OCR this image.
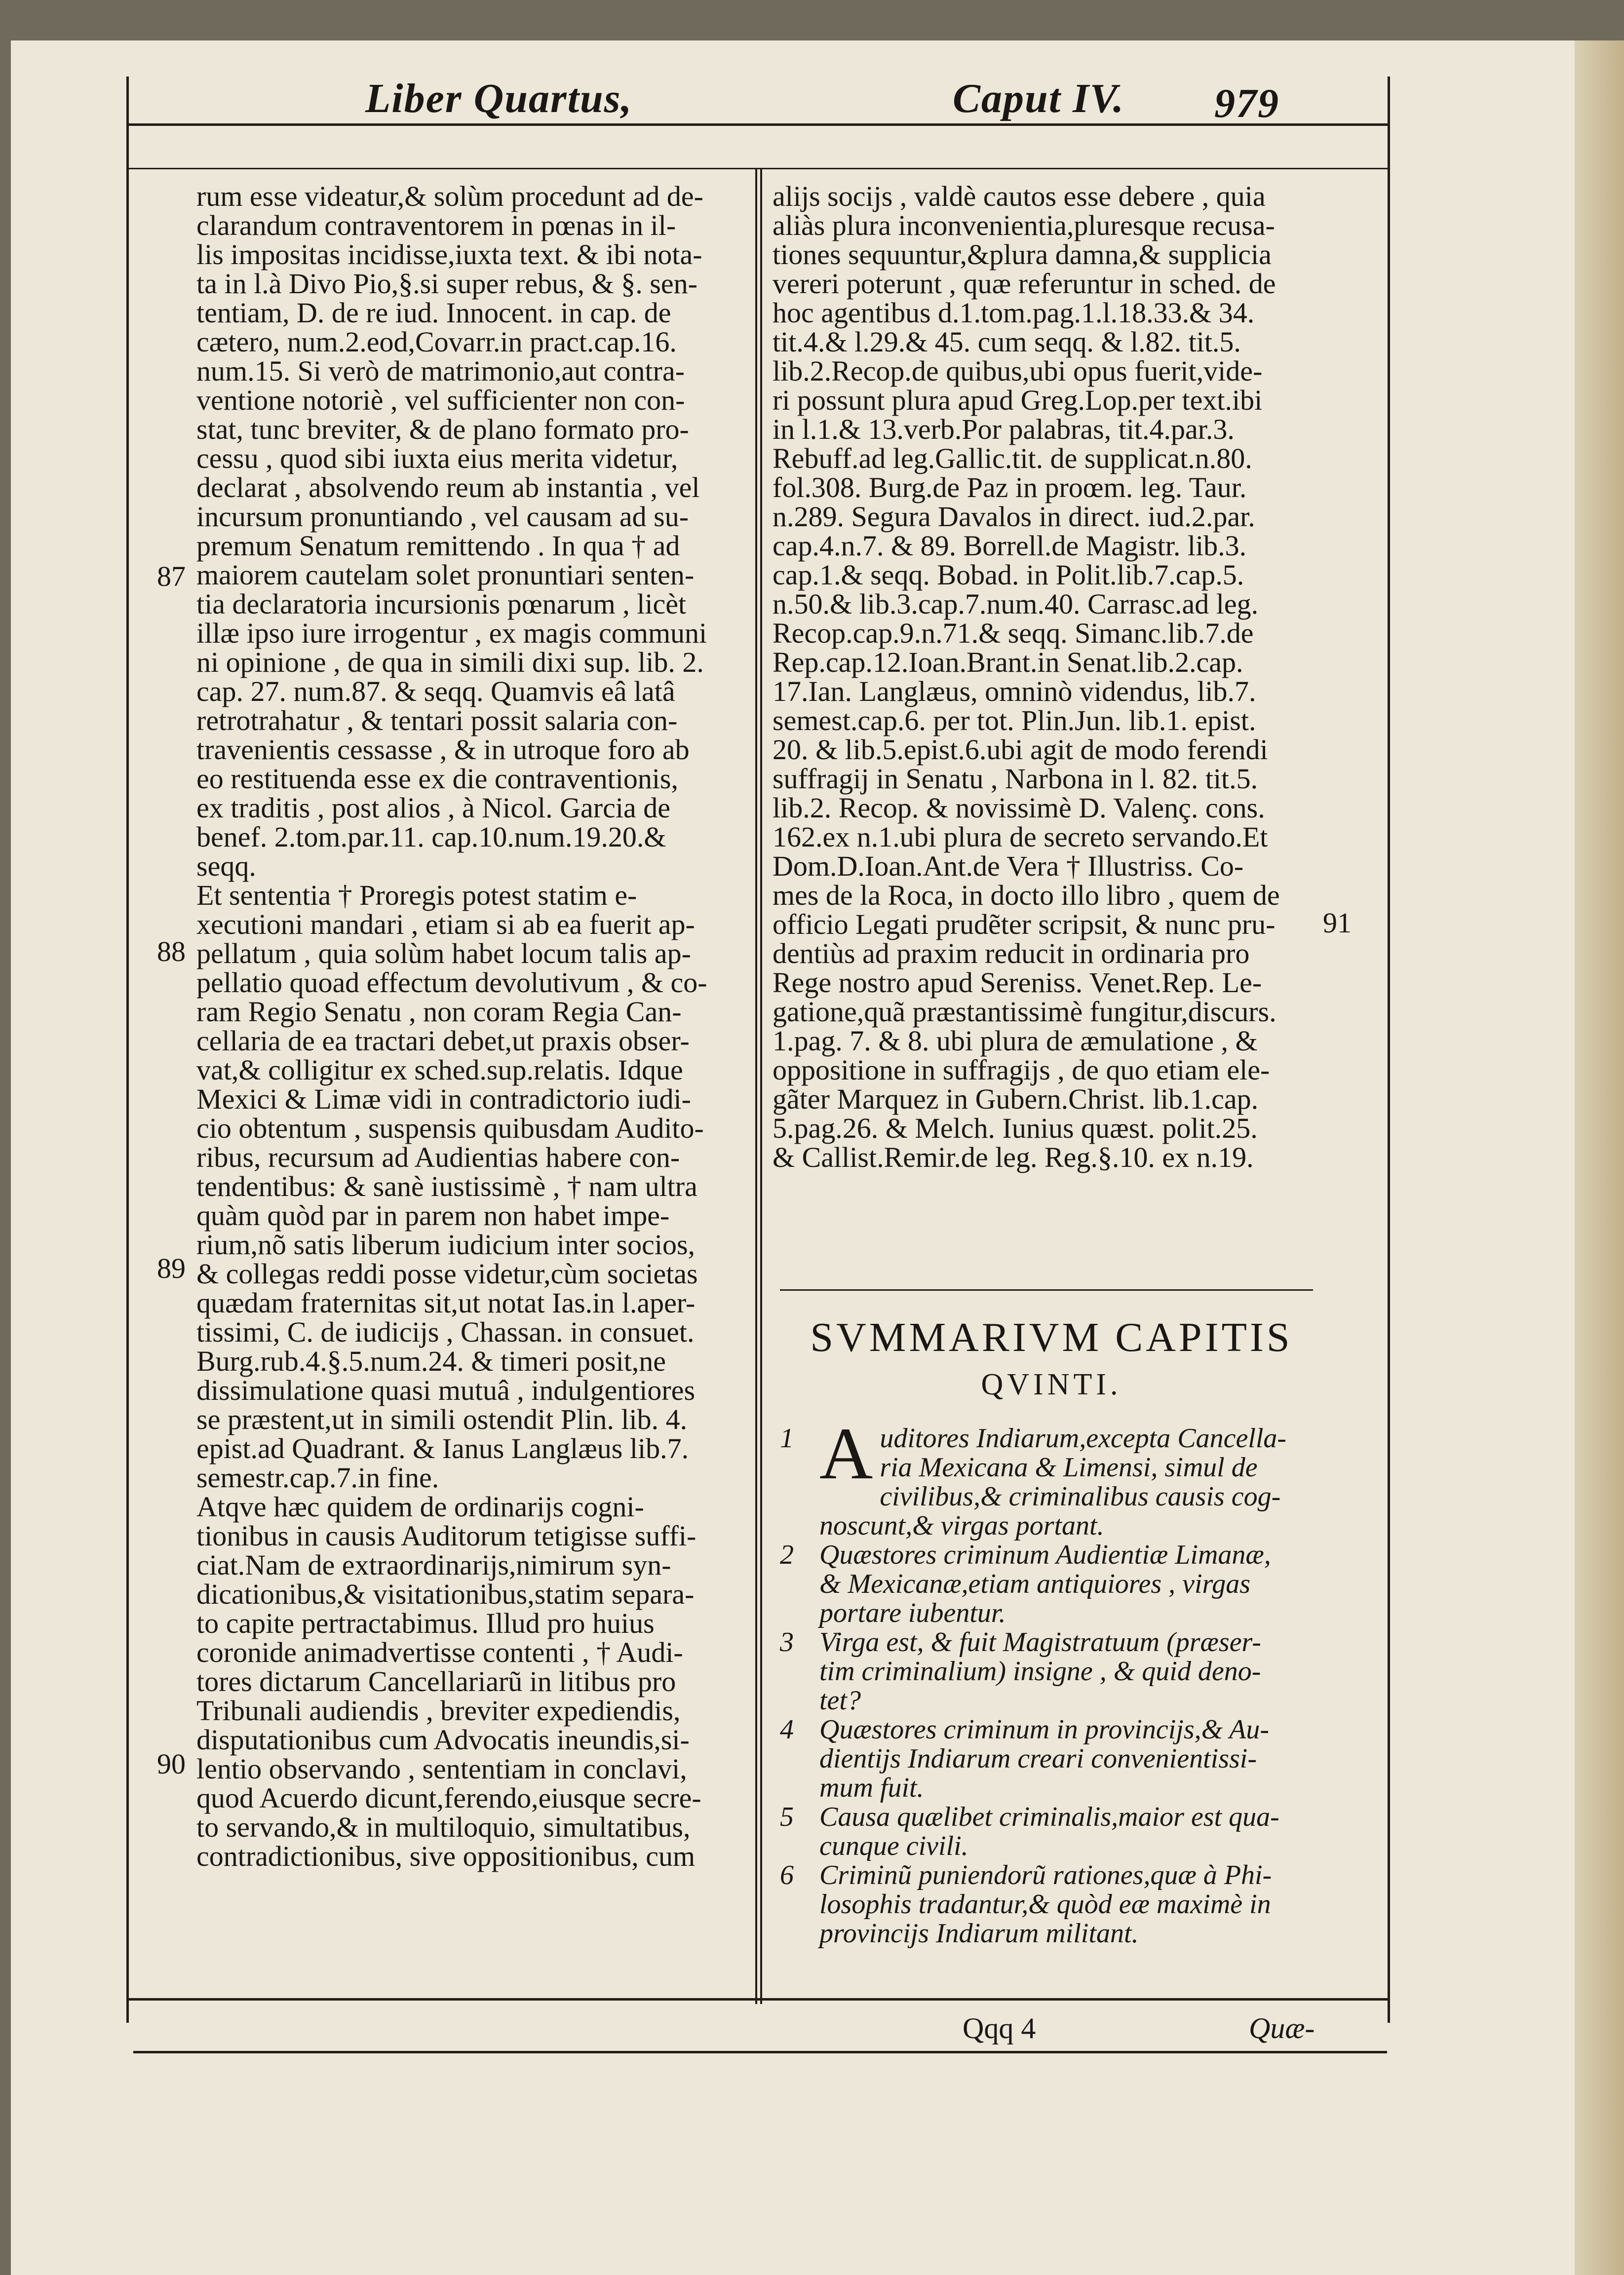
Liber Quartus,	Caput IV. 979
rum esse videatur,& solùm procedunt ad de-
clarandum contraventorem in pœnas in il-
lis impositas incidisse,iuxta text. & ibi nota-
ta in l.à Divo Pio,§.si super rebus, & §. sen-
tentiam, D. de re iud. Innocent. in cap. de
cætero, num.2.eod,Covarr.in pract.cap.16.
num.15. Si verò de matrimonio,aut contra-
ventione notoriè , vel sufficienter non con-
stat, tunc breviter, & de plano formato pro-
cessu , quod sibi iuxta eius merita videtur,
declarat , absolvendo reum ab instantia , vel
incursum pronuntiando , vel causam ad su-
premum Senatum remittendo . In qua † ad
maiorem cautelam solet pronuntiari senten-
tia declaratoria incursionis pœnarum , licèt
illæ ipso iure irrogentur , ex magis communi
ni opinione , de qua in simili dixi sup. lib. 2.
cap. 27. num.87. & seqq. Quamvis eâ latâ
retrotrahatur , & tentari possit salaria con-
travenientis cessasse , & in utroque foro ab
eo restituenda esse ex die contraventionis,
ex traditis , post alios , à Nicol. Garcia de
benef. 2.tom.par.11. cap.10.num.19.20.&
seqq.
Et sententia † Proregis potest statim e-
xecutioni mandari , etiam si ab ea fuerit ap-
pellatum , quia solùm habet locum talis ap-
pellatio quoad effectum devolutivum , & co-
ram Regio Senatu , non coram Regia Can-
cellaria de ea tractari debet,ut praxis obser-
vat,& colligitur ex sched.sup.relatis. Idque
Mexici & Limæ vidi in contradictorio iudi-
cio obtentum , suspensis quibusdam Audito-
ribus, recursum ad Audientias habere con-
tendentibus: & sanè iustissimè , † nam ultra
quàm quòd par in parem non habet impe-
rium,nõ satis liberum iudicium inter socios,
& collegas reddi posse videtur,cùm societas
quædam fraternitas sit,ut notat Ias.in l.aper-
tissimi, C. de iudicijs , Chassan. in consuet.
Burg.rub.4.§.5.num.24. & timeri posit,ne
dissimulatione quasi mutuâ , indulgentiores
se præstent,ut in simili ostendit Plin. lib. 4.
epist.ad Quadrant. & Ianus Langlæus lib.7.
semestr.cap.7.in fine.
Atqve hæc quidem de ordinarijs cogni-
tionibus in causis Auditorum tetigisse suffi-
ciat.Nam de extraordinarijs,nimirum syn-
dicationibus,& visitationibus,statim separa-
to capite pertractabimus. Illud pro huius
coronide animadvertisse contenti , † Audi-
tores dictarum Cancellariarũ in litibus pro
Tribunali audiendis , breviter expediendis,
disputationibus cum Advocatis ineundis,si-
lentio observando , sententiam in conclavi,
quod Acuerdo dicunt,ferendo,eiusque secre-
to servando,& in multiloquio, simultatibus,
contradictionibus, sive oppositionibus, cum
alijs socijs , valdè cautos esse debere , quia
aliàs plura inconvenientia,pluresque recusa-
tiones sequuntur,&plura damna,& supplicia
vereri poterunt , quæ referuntur in sched. de
hoc agentibus d.1.tom.pag.1.l.18.33.& 34.
tit.4.& l.29.& 45. cum seqq. & l.82. tit.5.
lib.2.Recop.de quibus,ubi opus fuerit,vide-
ri possunt plura apud Greg.Lop.per text.ibi
in l.1.& 13.verb.Por palabras, tit.4.par.3.
Rebuff.ad leg.Gallic.tit. de supplicat.n.80.
fol.308. Burg.de Paz in proœm. leg. Taur.
n.289. Segura Davalos in direct. iud.2.par.
cap.4.n.7. & 89. Borrell.de Magistr. lib.3.
cap.1.& seqq. Bobad. in Polit.lib.7.cap.5.
n.50.& lib.3.cap.7.num.40. Carrasc.ad leg.
Recop.cap.9.n.71.& seqq. Simanc.lib.7.de
Rep.cap.12.Ioan.Brant.in Senat.lib.2.cap.
17.Ian. Langlæus, omninò videndus, lib.7.
semest.cap.6. per tot. Plin.Jun. lib.1. epist.
20. & lib.5.epist.6.ubi agit de modo ferendi
suffragij in Senatu , Narbona in l. 82. tit.5.
lib.2. Recop. & novissimè D. Valenç. cons.
162.ex n.1.ubi plura de secreto servando.Et
Dom.D.Ioan.Ant.de Vera † Illustriss. Co-
mes de la Roca, in docto illo libro , quem de
officio Legati prudẽter scripsit, & nunc pru-
dentiùs ad praxim reducit in ordinaria pro
Rege nostro apud Sereniss. Venet.Rep. Le-
gatione,quã præstantissimè fungitur,discurs.
1.pag. 7. & 8. ubi plura de æmulatione , &
oppositione in suffragijs , de quo etiam ele-
gãter Marquez in Gubern.Christ. lib.1.cap.
5.pag.26. & Melch. Iunius quæst. polit.25.
& Callist.Remir.de leg. Reg.§.10. ex n.19.
87
88
89
90
91
SVMMARIVM CAPITIS
QVINTI.
1 A uditores Indiarum,excepta Cancella-
ria Mexicana & Limensi, simul de
civilibus,& criminalibus causis cog-
noscunt,& virgas portant.
2 Quæstores criminum Audientiæ Limanæ,
& Mexicanæ,etiam antiquiores , virgas
portare iubentur.
3 Virga est, & fuit Magistratuum (præser-
tim criminalium) insigne , & quid deno-
tet?
4 Quæstores criminum in provincijs,& Au-
dientijs Indiarum creari convenientissi-
mum fuit.
5 Causa quælibet criminalis,maior est qua-
cunque civili.
6 Criminũ puniendorũ rationes,quæ à Phi-
losophis tradantur,& quòd eæ maximè in
provincijs Indiarum militant.
Qqq 4	Quæ-
